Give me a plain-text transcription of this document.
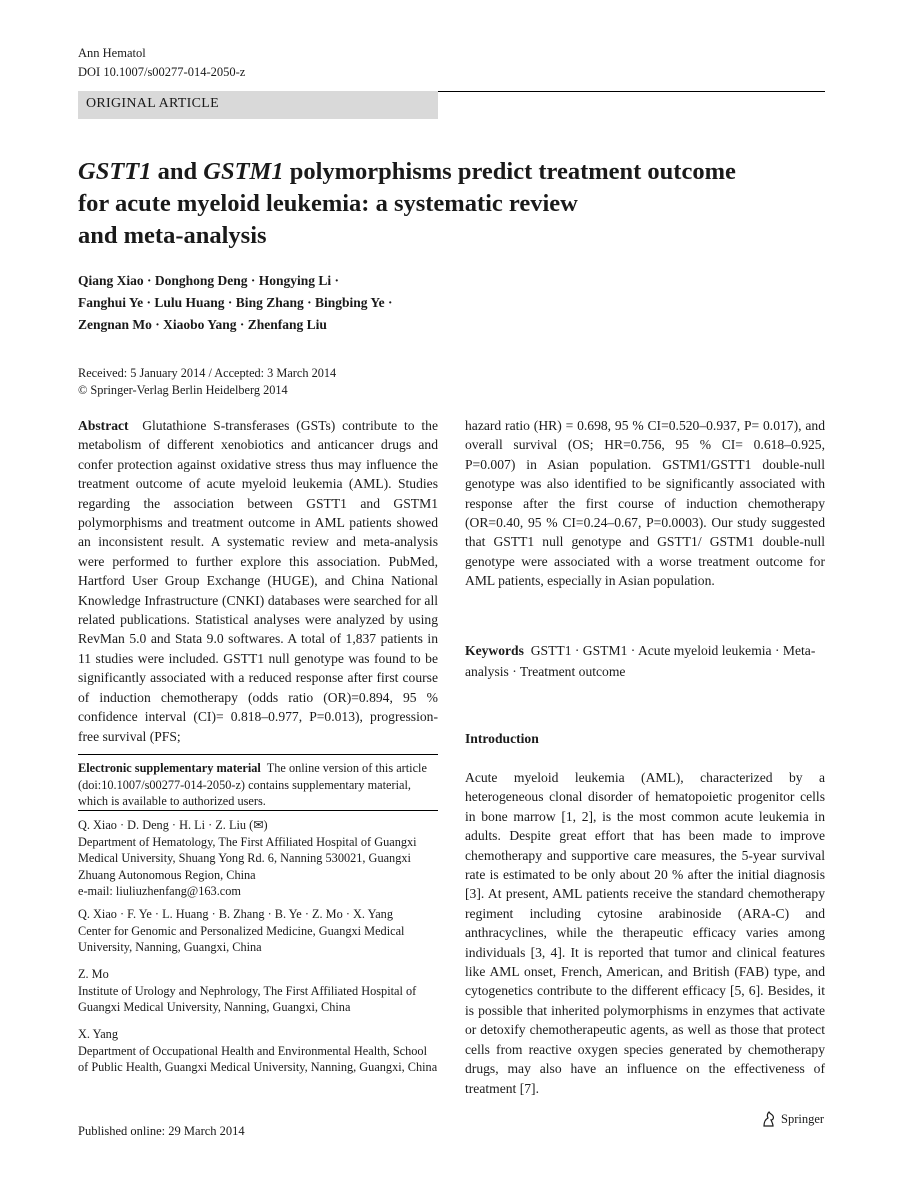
Ann Hematol
DOI 10.1007/s00277-014-2050-z
ORIGINAL ARTICLE
GSTT1 and GSTM1 polymorphisms predict treatment outcome
for acute myeloid leukemia: a systematic review
and meta-analysis
Qiang Xiao · Donghong Deng · Hongying Li ·
Fanghui Ye · Lulu Huang · Bing Zhang · Bingbing Ye ·
Zengnan Mo · Xiaobo Yang · Zhenfang Liu
Received: 5 January 2014 / Accepted: 3 March 2014
© Springer-Verlag Berlin Heidelberg 2014
Abstract Glutathione S-transferases (GSTs) contribute to the metabolism of different xenobiotics and anticancer drugs and confer protection against oxidative stress thus may influence the treatment outcome of acute myeloid leukemia (AML). Studies regarding the association between GSTT1 and GSTM1 polymorphisms and treatment outcome in AML patients showed an inconsistent result. A systematic review and meta-analysis were performed to further explore this association. PubMed, Hartford User Group Exchange (HUGE), and China National Knowledge Infrastructure (CNKI) databases were searched for all related publications. Statistical analyses were analyzed by using RevMan 5.0 and Stata 9.0 softwares. A total of 1,837 patients in 11 studies were included. GSTT1 null genotype was found to be significantly associated with a reduced response after first course of induction chemotherapy (odds ratio (OR)=0.894, 95 % confidence interval (CI)= 0.818–0.977, P=0.013), progression-free survival (PFS;
hazard ratio (HR) = 0.698, 95 % CI=0.520–0.937, P= 0.017), and overall survival (OS; HR=0.756, 95 % CI= 0.618–0.925, P=0.007) in Asian population. GSTM1/GSTT1 double-null genotype was also identified to be significantly associated with response after the first course of induction chemotherapy (OR=0.40, 95 % CI=0.24–0.67, P=0.0003). Our study suggested that GSTT1 null genotype and GSTT1/ GSTM1 double-null genotype were associated with a worse treatment outcome for AML patients, especially in Asian population.
Keywords GSTT1 · GSTM1 · Acute myeloid leukemia · Meta-analysis · Treatment outcome
Electronic supplementary material The online version of this article (doi:10.1007/s00277-014-2050-z) contains supplementary material, which is available to authorized users.
Q. Xiao · D. Deng · H. Li · Z. Liu (✉)
Department of Hematology, The First Affiliated Hospital of Guangxi Medical University, Shuang Yong Rd. 6, Nanning 530021, Guangxi Zhuang Autonomous Region, China
e-mail: liuliuzhenfang@163.com
Q. Xiao · F. Ye · L. Huang · B. Zhang · B. Ye · Z. Mo · X. Yang
Center for Genomic and Personalized Medicine, Guangxi Medical University, Nanning, Guangxi, China
Z. Mo
Institute of Urology and Nephrology, The First Affiliated Hospital of Guangxi Medical University, Nanning, Guangxi, China
X. Yang
Department of Occupational Health and Environmental Health, School of Public Health, Guangxi Medical University, Nanning, Guangxi, China
Introduction
Acute myeloid leukemia (AML), characterized by a heterogeneous clonal disorder of hematopoietic progenitor cells in bone marrow [1, 2], is the most common acute leukemia in adults. Despite great effort that has been made to improve chemotherapy and supportive care measures, the 5-year survival rate is estimated to be only about 20 % after the initial diagnosis [3]. At present, AML patients receive the standard chemotherapy regiment including cytosine arabinoside (ARA-C) and anthracyclines, while the therapeutic efficacy varies among individuals [3, 4]. It is reported that tumor and clinical features like AML onset, French, American, and British (FAB) type, and cytogenetics contribute to the different efficacy [5, 6]. Besides, it is possible that inherited polymorphisms in enzymes that activate or detoxify chemotherapeutic agents, as well as those that protect cells from reactive oxygen species generated by chemotherapy drugs, may also have an influence on the effectiveness of treatment [7].
Published online: 29 March 2014
Springer
